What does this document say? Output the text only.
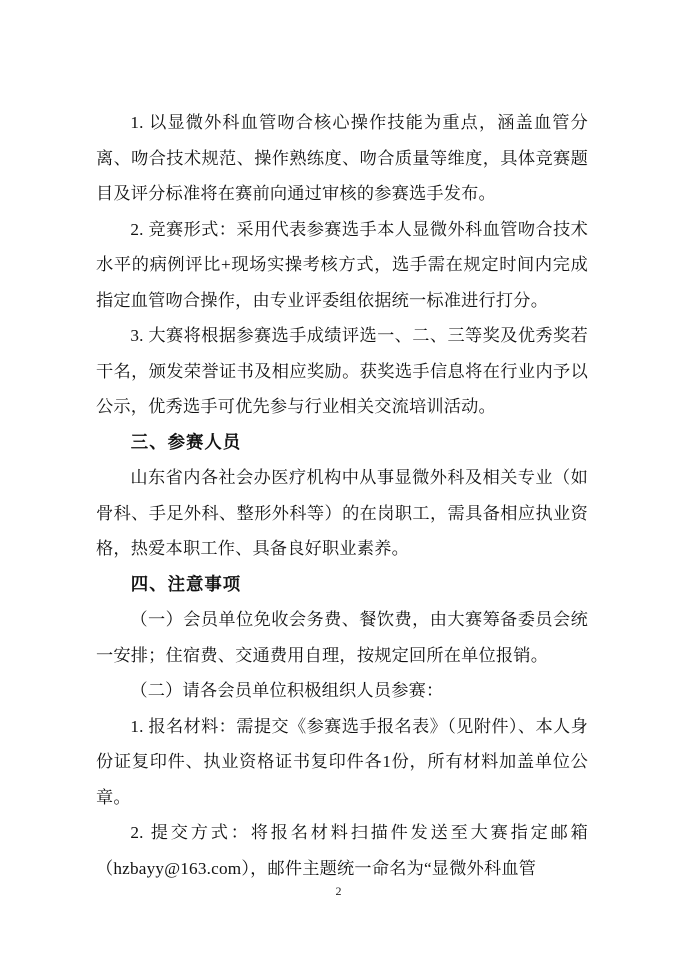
1. 以显微外科血管吻合核心操作技能为重点，涵盖血管分离、吻合技术规范、操作熟练度、吻合质量等维度，具体竞赛题目及评分标准将在赛前向通过审核的参赛选手发布。

2. 竞赛形式：采用代表参赛选手本人显微外科血管吻合技术水平的病例评比+现场实操考核方式，选手需在规定时间内完成指定血管吻合操作，由专业评委组依据统一标准进行打分。

3. 大赛将根据参赛选手成绩评选一、二、三等奖及优秀奖若干名，颁发荣誉证书及相应奖励。获奖选手信息将在行业内予以公示，优秀选手可优先参与行业相关交流培训活动。

三、参赛人员

山东省内各社会办医疗机构中从事显微外科及相关专业（如骨科、手足外科、整形外科等）的在岗职工，需具备相应执业资格，热爱本职工作、具备良好职业素养。

四、注意事项

（一）会员单位免收会务费、餐饮费，由大赛筹备委员会统一安排；住宿费、交通费用自理，按规定回所在单位报销。

（二）请各会员单位积极组织人员参赛：

1. 报名材料：需提交《参赛选手报名表》（见附件）、本人身份证复印件、执业资格证书复印件各1份，所有材料加盖单位公章。

2. 提交方式：将报名材料扫描件发送至大赛指定邮箱（hzbayy@163.com），邮件主题统一命名为“显微外科血管

2
